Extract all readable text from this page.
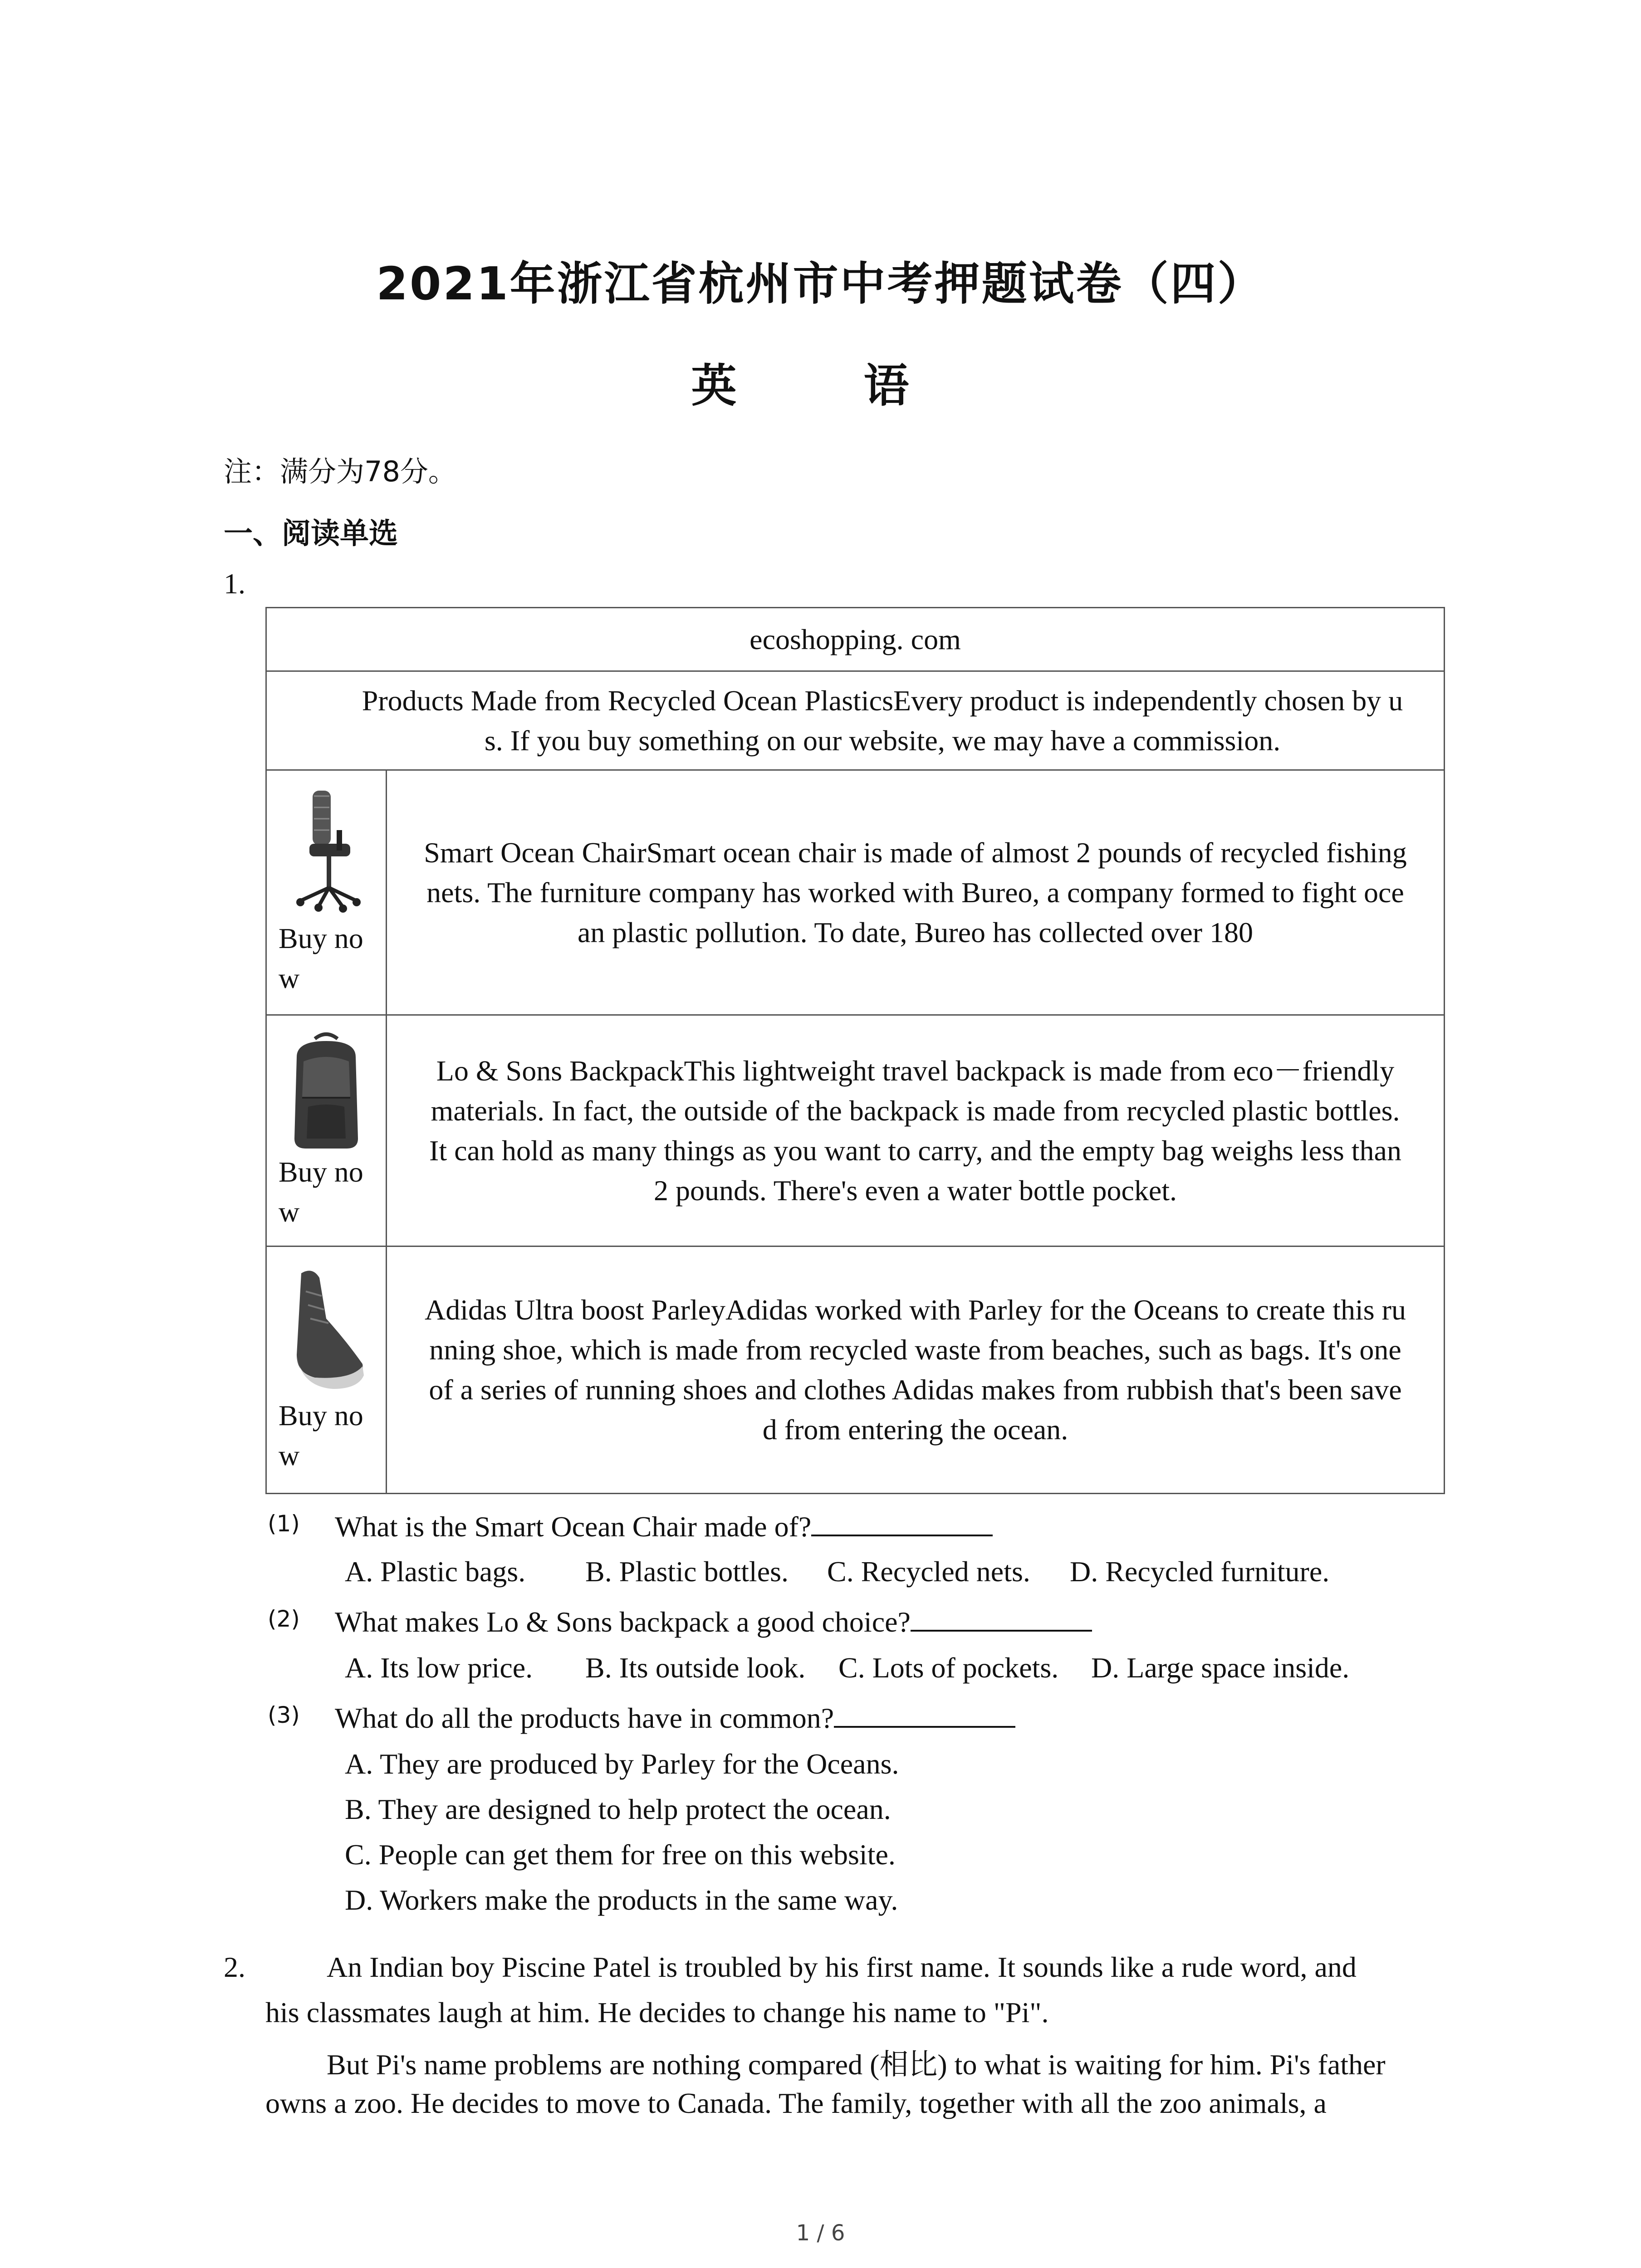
2021年浙江省杭州市中考押题试卷（四）
英　语
注：满分为78分。
一、阅读单选
1.
ecoshopping. com	
Products Made from Recycled Ocean PlasticsEvery product is independently chosen by u
s. If you buy something on our website, we may have a commission.	

Buy no
w	Smart Ocean ChairSmart ocean chair is made of almost 2 pounds of recycled fishing
nets. The furniture company has worked with Bureo, a company formed to fight oce
an plastic pollution. To date, Bureo has collected over 180

Buy no
w	Lo & Sons BackpackThis lightweight travel backpack is made from eco－friendly
materials. In fact, the outside of the backpack is made from recycled plastic bottles.
It can hold as many things as you want to carry, and the empty bag weighs less than
2 pounds. There's even a water bottle pocket.

Buy no
w	Adidas Ultra boost ParleyAdidas worked with Parley for the Oceans to create this ru
nning shoe, which is made from recycled waste from beaches, such as bags. It's one
of a series of running shoes and clothes Adidas makes from rubbish that's been save
d from entering the ocean.
(1) What is the Smart Ocean Chair made of?
A. Plastic bags. B. Plastic bottles. C. Recycled nets. D. Recycled furniture.
(2) What makes Lo & Sons backpack a good choice?
A. Its low price. B. Its outside look. C. Lots of pockets. D. Large space inside.
(3) What do all the products have in common?
A. They are produced by Parley for the Oceans.
B. They are designed to help protect the ocean.
C. People can get them for free on this website.
D. Workers make the products in the same way.
2.	An Indian boy Piscine Patel is troubled by his first name. It sounds like a rude word, and
his classmates laugh at him. He decides to change his name to "Pi".
But Pi's name problems are nothing compared (相比) to what is waiting for him. Pi's father
owns a zoo. He decides to move to Canada. The family, together with all the zoo animals, a
1 / 6
